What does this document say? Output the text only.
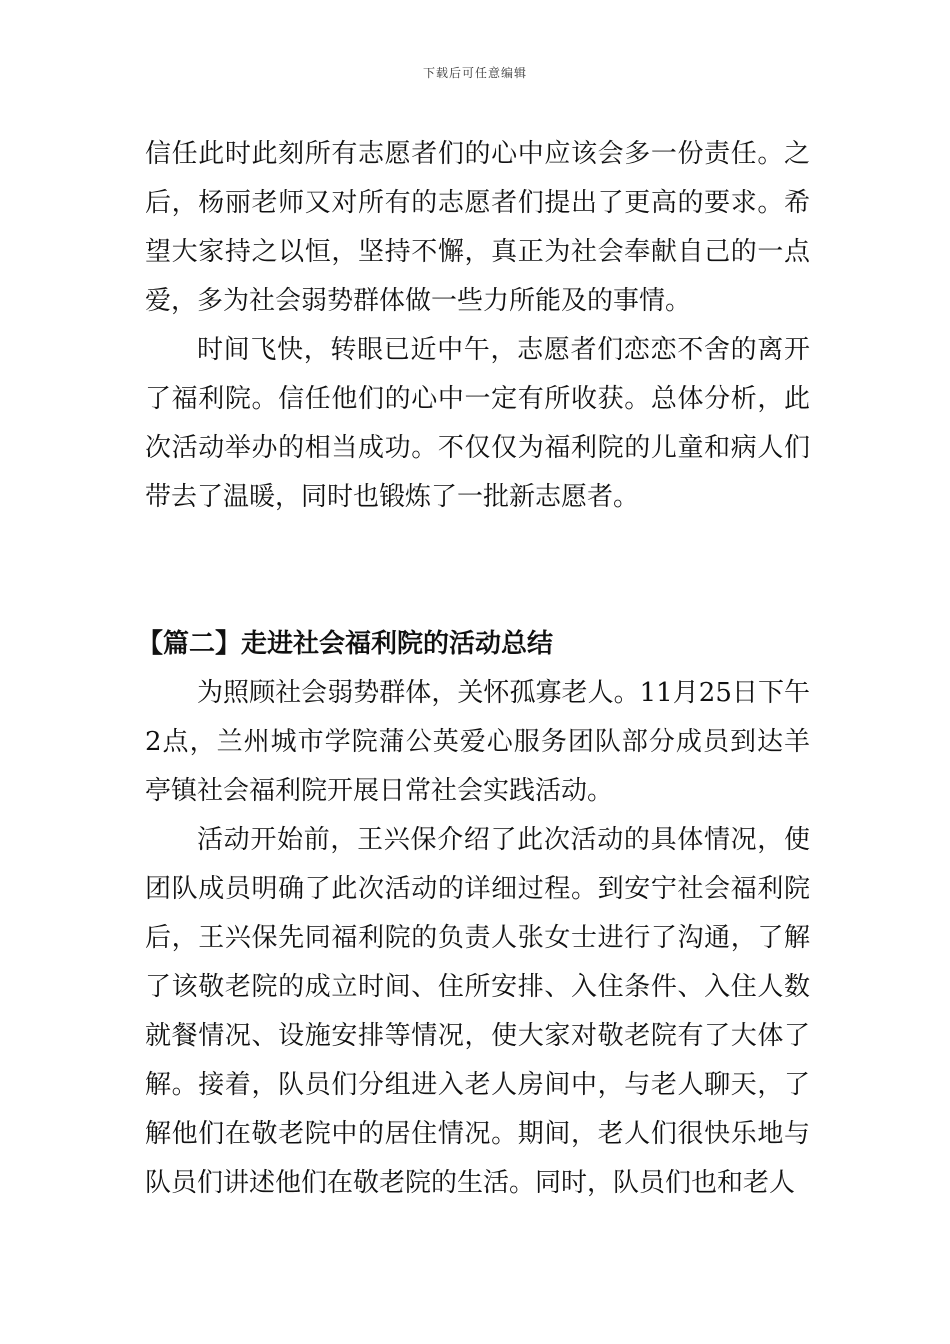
下载后可任意编辑

信任此时此刻所有志愿者们的心中应该会多一份责任。之后，杨丽老师又对所有的志愿者们提出了更高的要求。希望大家持之以恒，坚持不懈，真正为社会奉献自己的一点爱，多为社会弱势群体做一些力所能及的事情。

时间飞快，转眼已近中午，志愿者们恋恋不舍的离开了福利院。信任他们的心中一定有所收获。总体分析，此次活动举办的相当成功。不仅仅为福利院的儿童和病人们带去了温暖，同时也锻炼了一批新志愿者。

【篇二】走进社会福利院的活动总结

为照顾社会弱势群体，关怀孤寡老人。11月25日下午2点，兰州城市学院蒲公英爱心服务团队部分成员到达羊亭镇社会福利院开展日常社会实践活动。

活动开始前，王兴保介绍了此次活动的具体情况，使团队成员明确了此次活动的详细过程。到安宁社会福利院后，王兴保先同福利院的负责人张女士进行了沟通，了解了该敬老院的成立时间、住所安排、入住条件、入住人数就餐情况、设施安排等情况，使大家对敬老院有了大体了解。接着，队员们分组进入老人房间中，与老人聊天，了解他们在敬老院中的居住情况。期间，老人们很快乐地与队员们讲述他们在敬老院的生活。同时，队员们也和老人
